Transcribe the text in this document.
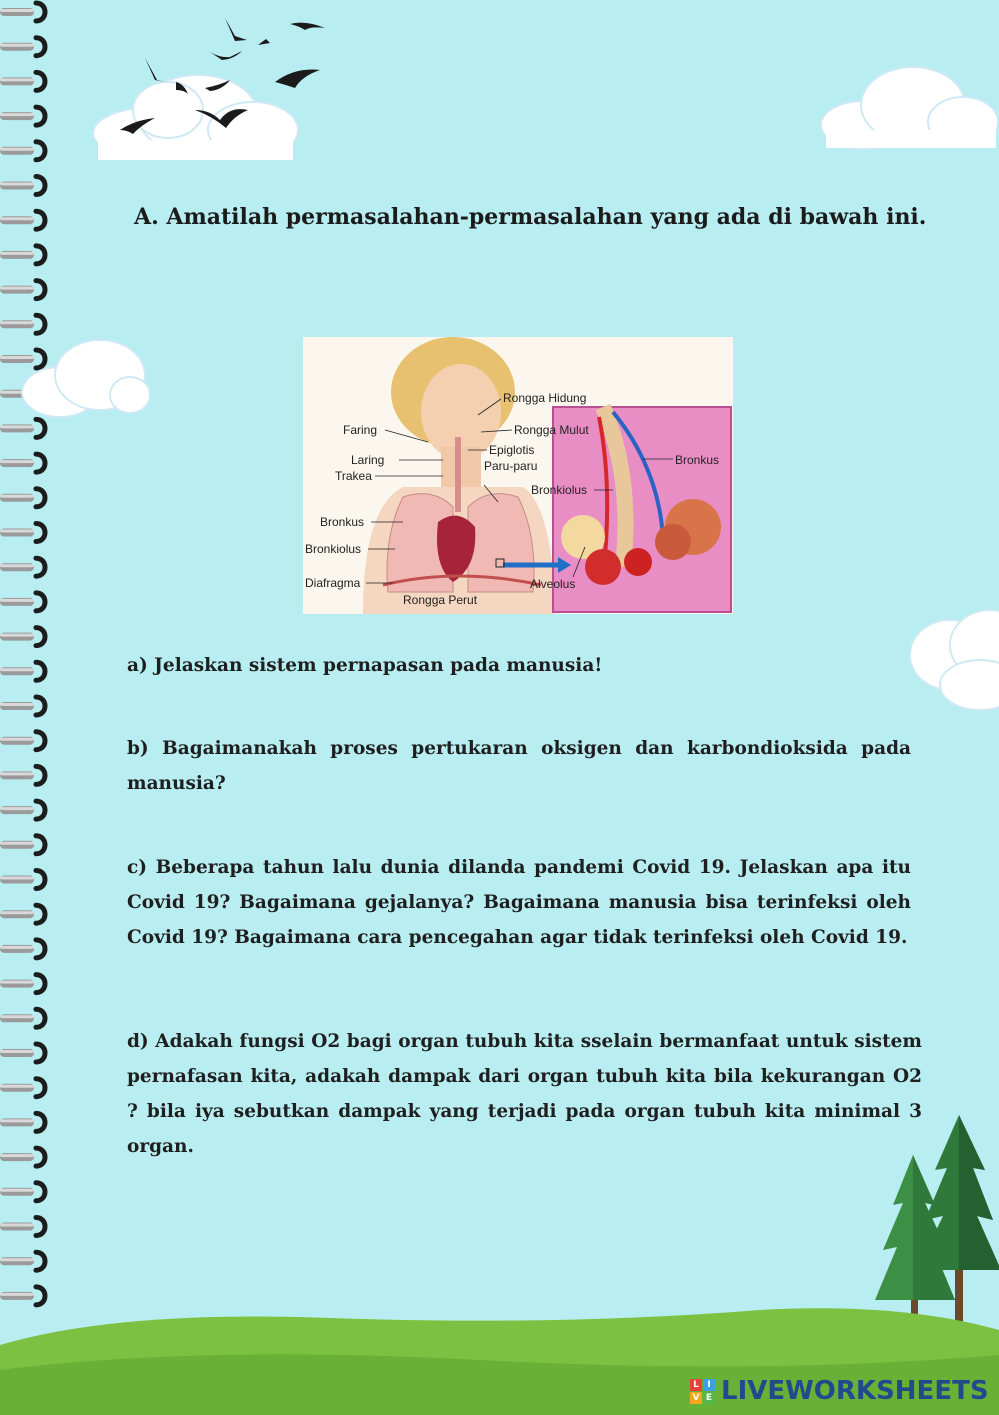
A. Amatilah permasalahan-permasalahan yang ada di bawah ini.
Rongga Hidung
Faring	Rongga Mulut
Laring
Epiglotis
Trakea
Paru-paru	Bronkus
Bronkiolus
Bronkus
Bronkiolus
Diafragma
Rongga Perut
Alveolus
a) Jelaskan sistem pernapasan pada manusia!
b) Bagaimanakah proses pertukaran oksigen dan karbondioksida pada manusia?
c) Beberapa tahun lalu dunia dilanda pandemi Covid 19. Jelaskan apa itu Covid 19? Bagaimana gejalanya? Bagaimana manusia bisa terinfeksi oleh Covid 19? Bagaimana cara pencegahan agar tidak terinfeksi oleh Covid 19.
d) Adakah fungsi O2 bagi organ tubuh kita sselain bermanfaat untuk sistem pernafasan kita, adakah dampak dari organ tubuh kita bila kekurangan O2 ? bila iya sebutkan dampak yang terjadi pada organ tubuh kita minimal 3 organ.
L I
V E LIVEWORKSHEETS
